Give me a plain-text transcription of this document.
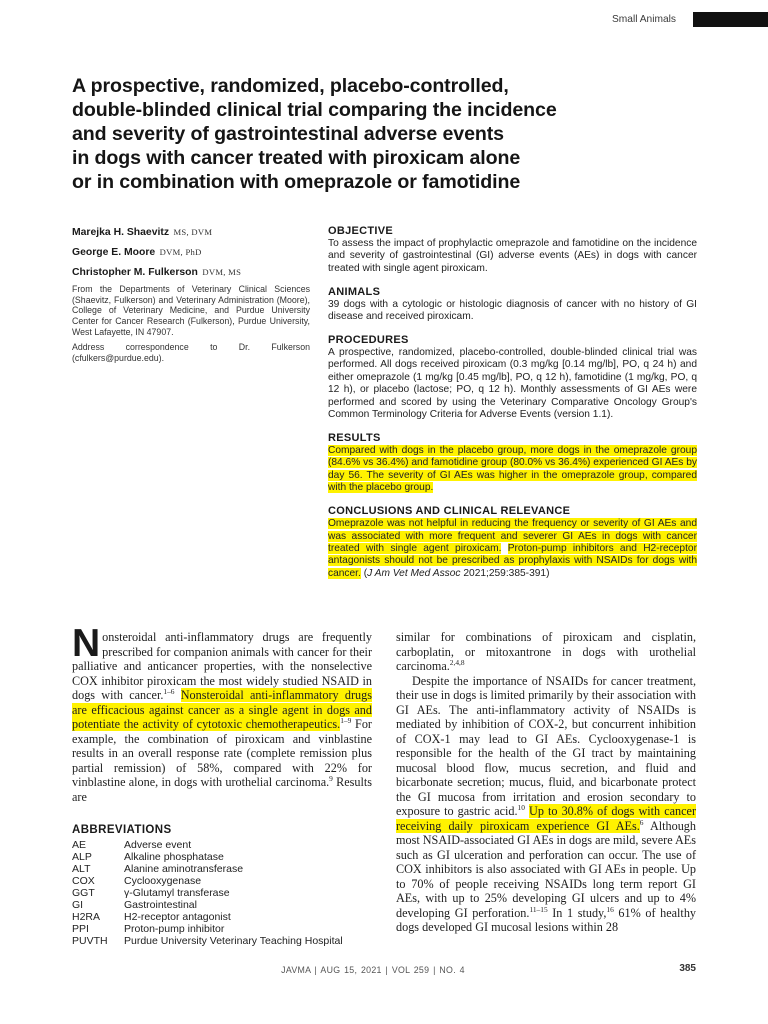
Small Animals
A prospective, randomized, placebo-controlled,
double-blinded clinical trial comparing the incidence
and severity of gastrointestinal adverse events
in dogs with cancer treated with piroxicam alone
or in combination with omeprazole or famotidine
Marejka H. Shaevitz MS, DVM
George E. Moore DVM, PhD
Christopher M. Fulkerson DVM, MS
From the Departments of Veterinary Clinical Sciences (Shaevitz, Fulkerson) and Veterinary Administration (Moore), College of Veterinary Medicine, and Purdue University Center for Cancer Research (Fulkerson), Purdue University, West Lafayette, IN 47907.
Address correspondence to Dr. Fulkerson (cfulkers@purdue.edu).
OBJECTIVE

To assess the impact of prophylactic omeprazole and famotidine on the incidence and severity of gastrointestinal (GI) adverse events (AEs) in dogs with cancer treated with single agent piroxicam.

ANIMALS

39 dogs with a cytologic or histologic diagnosis of cancer with no history of GI disease and received piroxicam.

PROCEDURES

A prospective, randomized, placebo-controlled, double-blinded clinical trial was performed. All dogs received piroxicam (0.3 mg/kg [0.14 mg/lb], PO, q 24 h) and either omeprazole (1 mg/kg [0.45 mg/lb], PO, q 12 h), famotidine (1 mg/kg, PO, q 12 h), or placebo (lactose; PO, q 12 h). Monthly assessments of GI AEs were performed and scored by using the Veterinary Comparative Oncology Group's Common Terminology Criteria for Adverse Events (version 1.1).

RESULTS

Compared with dogs in the placebo group, more dogs in the omeprazole group (84.6% vs 36.4%) and famotidine group (80.0% vs 36.4%) experienced GI AEs by day 56. The severity of GI AEs was higher in the omeprazole group, compared with the placebo group.

CONCLUSIONS AND CLINICAL RELEVANCE

Omeprazole was not helpful in reducing the frequency or severity of GI AEs and was associated with more frequent and severer GI AEs in dogs with cancer treated with single agent piroxicam. Proton-pump inhibitors and H2-receptor antagonists should not be prescribed as prophylaxis with NSAIDs for dogs with cancer. (J Am Vet Med Assoc 2021;259:385-391)

Nonsteroidal anti-inflammatory drugs are frequently prescribed for companion animals with cancer for their palliative and anticancer properties, with the nonselective COX inhibitor piroxicam the most widely studied NSAID in dogs with cancer.$^{1-6}$ Nonsteroidal anti-inflammatory drugs are efficacious against cancer as a single agent in dogs and potentiate the activity of cytotoxic chemotherapeutics.$^{1-9}$ For example, the combination of piroxicam and vinblastine results in an overall response rate (complete remission plus partial remission) of 58%, compared with 22% for vinblastine alone, in dogs with urothelial carcinoma.$^9$ Results are

ABBREVIATIONS
AE	Adverse event
ALP	Alkaline phosphatase
ALT	Alanine aminotransferase
COX	Cyclooxygenase
GGT	γ-Glutamyl transferase
GI	Gastrointestinal
H2RA	H2-receptor antagonist
PPI	Proton-pump inhibitor
PUVTH	Purdue University Veterinary Teaching Hospital

similar for combinations of piroxicam and cisplatin, carboplatin, or mitoxantrone in dogs with urothelial carcinoma.$^{2,4,8}$

Despite the importance of NSAIDs for cancer treatment, their use in dogs is limited primarily by their association with GI AEs. The anti-inflammatory activity of NSAIDs is mediated by inhibition of COX-2, but concurrent inhibition of COX-1 may lead to GI AEs. Cyclooxygenase-1 is responsible for the health of the GI tract by maintaining mucosal blood flow, mucus secretion, and fluid and bicarbonate secretion; mucus, fluid, and bicarbonate protect the GI mucosa from irritation and erosion secondary to exposure to gastric acid.$^{10}$ Up to 30.8% of dogs with cancer receiving daily piroxicam experience GI AEs.$^6$ Although most NSAID-associated GI AEs in dogs are mild, severe AEs such as GI ulceration and perforation can occur. The use of COX inhibitors is also associated with GI AEs in people. Up to 70% of people receiving NSAIDs long term report GI AEs, with up to 25% developing GI ulcers and up to 4% developing GI perforation.$^{11-15}$ In 1 study,$^{16}$ 61% of healthy dogs developed GI mucosal lesions within 28

JAVMA | AUG 15, 2021 | VOL 259 | NO. 4	385
